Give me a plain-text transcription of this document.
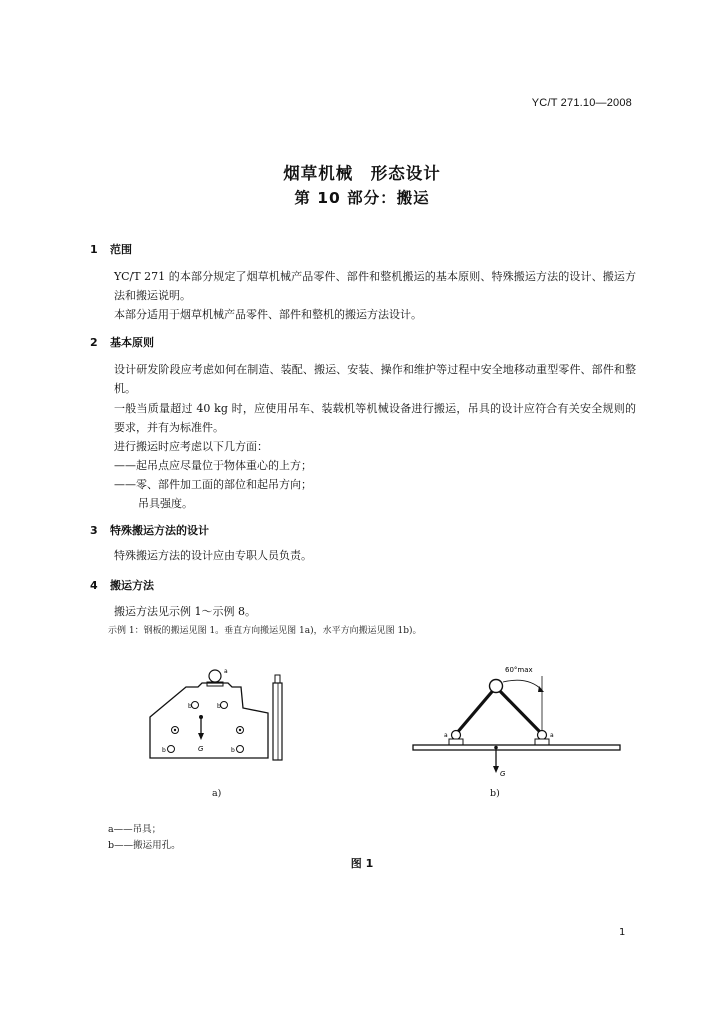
YC/T 271.10—2008
烟草机械　形态设计
第 10 部分：搬运
1 范围
YC/T 271 的本部分规定了烟草机械产品零件、部件和整机搬运的基本原则、特殊搬运方法的设计、搬运方法和搬运说明。
本部分适用于烟草机械产品零件、部件和整机的搬运方法设计。
2 基本原则
设计研发阶段应考虑如何在制造、装配、搬运、安装、操作和维护等过程中安全地移动重型零件、部件和整机。
一般当质量超过 40 kg 时，应使用吊车、装载机等机械设备进行搬运，吊具的设计应符合有关安全规则的要求，并有为标准件。
进行搬运时应考虑以下几方面：
——起吊点应尽量位于物体重心的上方；
——零、部件加工面的部位和起吊方向；
吊具强度。
3 特殊搬运方法的设计
特殊搬运方法的设计应由专职人员负责。
4 搬运方法
搬运方法见示例 1～示例 8。
示例 1：钢板的搬运见图 1。垂直方向搬运见图 1a)，水平方向搬运见图 1b)。
a
b	b
b	b
G
a)
60°max
a	a
G
b)
a——吊具；
b——搬运用孔。
图 1
1
